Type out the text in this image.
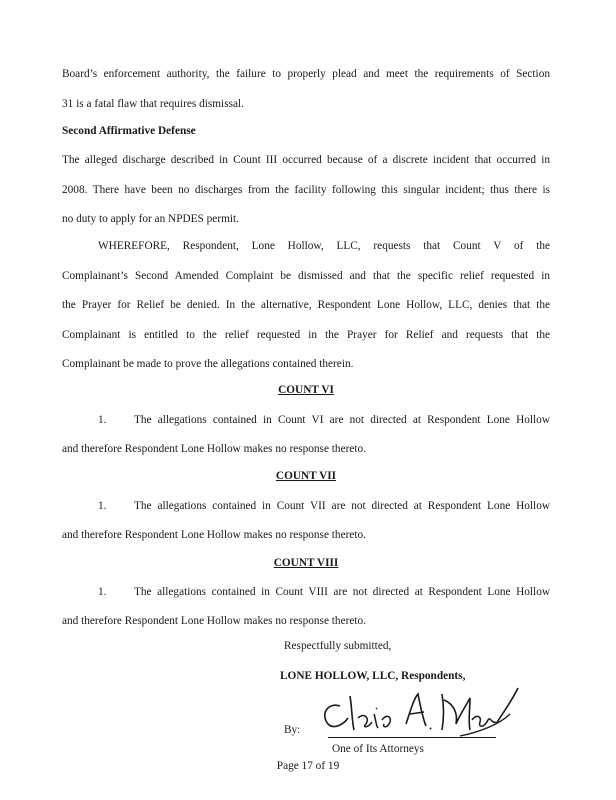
Board’s enforcement authority, the failure to properly plead and meet the requirements of Section
31 is a fatal flaw that requires dismissal.
Second Affirmative Defense
The alleged discharge described in Count III occurred because of a discrete incident that occurred in
2008. There have been no discharges from the facility following this singular incident; thus there is
no duty to apply for an NPDES permit.
WHEREFORE, Respondent, Lone Hollow, LLC, requests that Count V of the
Complainant’s Second Amended Complaint be dismissed and that the specific relief requested in
the Prayer for Relief be denied. In the alternative, Respondent Lone Hollow, LLC, denies that the
Complainant is entitled to the relief requested in the Prayer for Relief and requests that the
Complainant be made to prove the allegations contained therein.
COUNT VI
1. The allegations contained in Count VI are not directed at Respondent Lone Hollow
and therefore Respondent Lone Hollow makes no response thereto.
COUNT VII
1. The allegations contained in Count VII are not directed at Respondent Lone Hollow
and therefore Respondent Lone Hollow makes no response thereto.
COUNT VIII
1. The allegations contained in Count VIII are not directed at Respondent Lone Hollow
and therefore Respondent Lone Hollow makes no response thereto.
Respectfully submitted,
LONE HOLLOW, LLC, Respondents,
By:
One of Its Attorneys
Page 17 of 19
